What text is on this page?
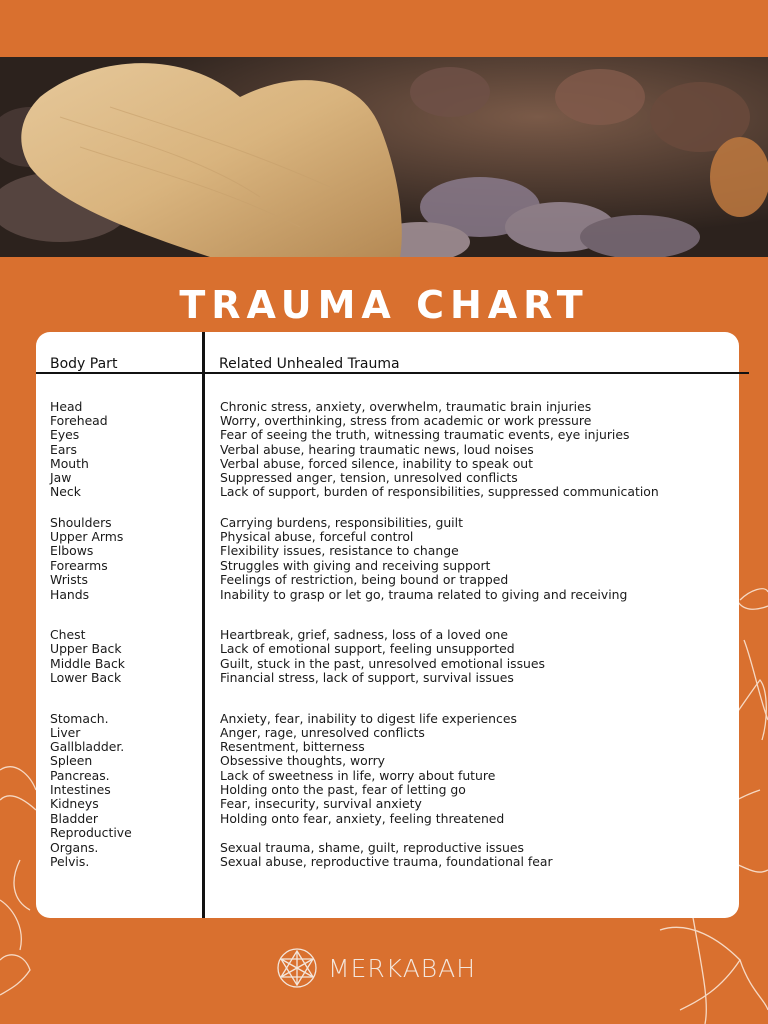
TRAUMA CHART
Body Part	Related Unhealed Trauma
Head	Chronic stress, anxiety, overwhelm, traumatic brain injuries
Forehead	Worry, overthinking, stress from academic or work pressure
Eyes	Fear of seeing the truth, witnessing traumatic events, eye injuries
Ears	Verbal abuse, hearing traumatic news, loud noises
Mouth	Verbal abuse, forced silence, inability to speak out
Jaw	Suppressed anger, tension, unresolved conflicts
Neck	Lack of support, burden of responsibilities, suppressed communication
Shoulders	Carrying burdens, responsibilities, guilt
Upper Arms	Physical abuse, forceful control
Elbows	Flexibility issues, resistance to change
Forearms	Struggles with giving and receiving support
Wrists	Feelings of restriction, being bound or trapped
Hands	Inability to grasp or let go, trauma related to giving and receiving
Chest	Heartbreak, grief, sadness, loss of a loved one
Upper Back	Lack of emotional support, feeling unsupported
Middle Back	Guilt, stuck in the past, unresolved emotional issues
Lower Back	Financial stress, lack of support, survival issues
Stomach.	Anxiety, fear, inability to digest life experiences
Liver	Anger, rage, unresolved conflicts
Gallbladder.	Resentment, bitterness
Spleen	Obsessive thoughts, worry
Pancreas.	Lack of sweetness in life, worry about future
Intestines	Holding onto the past, fear of letting go
Kidneys	Fear, insecurity, survival anxiety
Bladder	Holding onto fear, anxiety, feeling threatened
Reproductive
Organs.	Sexual trauma, shame, guilt, reproductive issues
Pelvis.	Sexual abuse, reproductive trauma, foundational fear
MERKABAH
